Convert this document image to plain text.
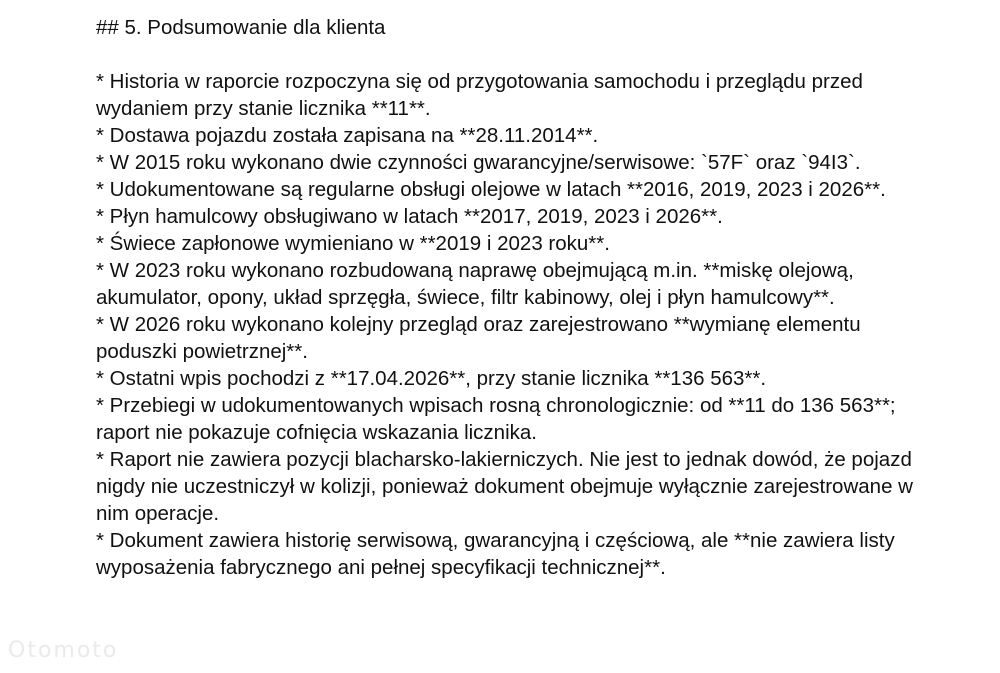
## 5. Podsumowanie dla klienta

* Historia w raporcie rozpoczyna się od przygotowania samochodu i przeglądu przed wydaniem przy stanie licznika **11**.

* Dostawa pojazdu została zapisana na **28.11.2014**.

* W 2015 roku wykonano dwie czynności gwarancyjne/serwisowe: `57F` oraz `94I3`.

* Udokumentowane są regularne obsługi olejowe w latach **2016, 2019, 2023 i 2026**.

* Płyn hamulcowy obsługiwano w latach **2017, 2019, 2023 i 2026**.

* Świece zapłonowe wymieniano w **2019 i 2023 roku**.

* W 2023 roku wykonano rozbudowaną naprawę obejmującą m.in. **miskę olejową, akumulator, opony, układ sprzęgła, świece, filtr kabinowy, olej i płyn hamulcowy**.

* W 2026 roku wykonano kolejny przegląd oraz zarejestrowano **wymianę elementu poduszki powietrznej**.

* Ostatni wpis pochodzi z **17.04.2026**, przy stanie licznika **136 563**.

* Przebiegi w udokumentowanych wpisach rosną chronologicznie: od **11 do 136 563**; raport nie pokazuje cofnięcia wskazania licznika.

* Raport nie zawiera pozycji blacharsko-lakierniczych. Nie jest to jednak dowód, że pojazd nigdy nie uczestniczył w kolizji, ponieważ dokument obejmuje wyłącznie zarejestrowane w nim operacje.

* Dokument zawiera historię serwisową, gwarancyjną i częściową, ale **nie zawiera listy wyposażenia fabrycznego ani pełnej specyfikacji technicznej**.

Otomoto
